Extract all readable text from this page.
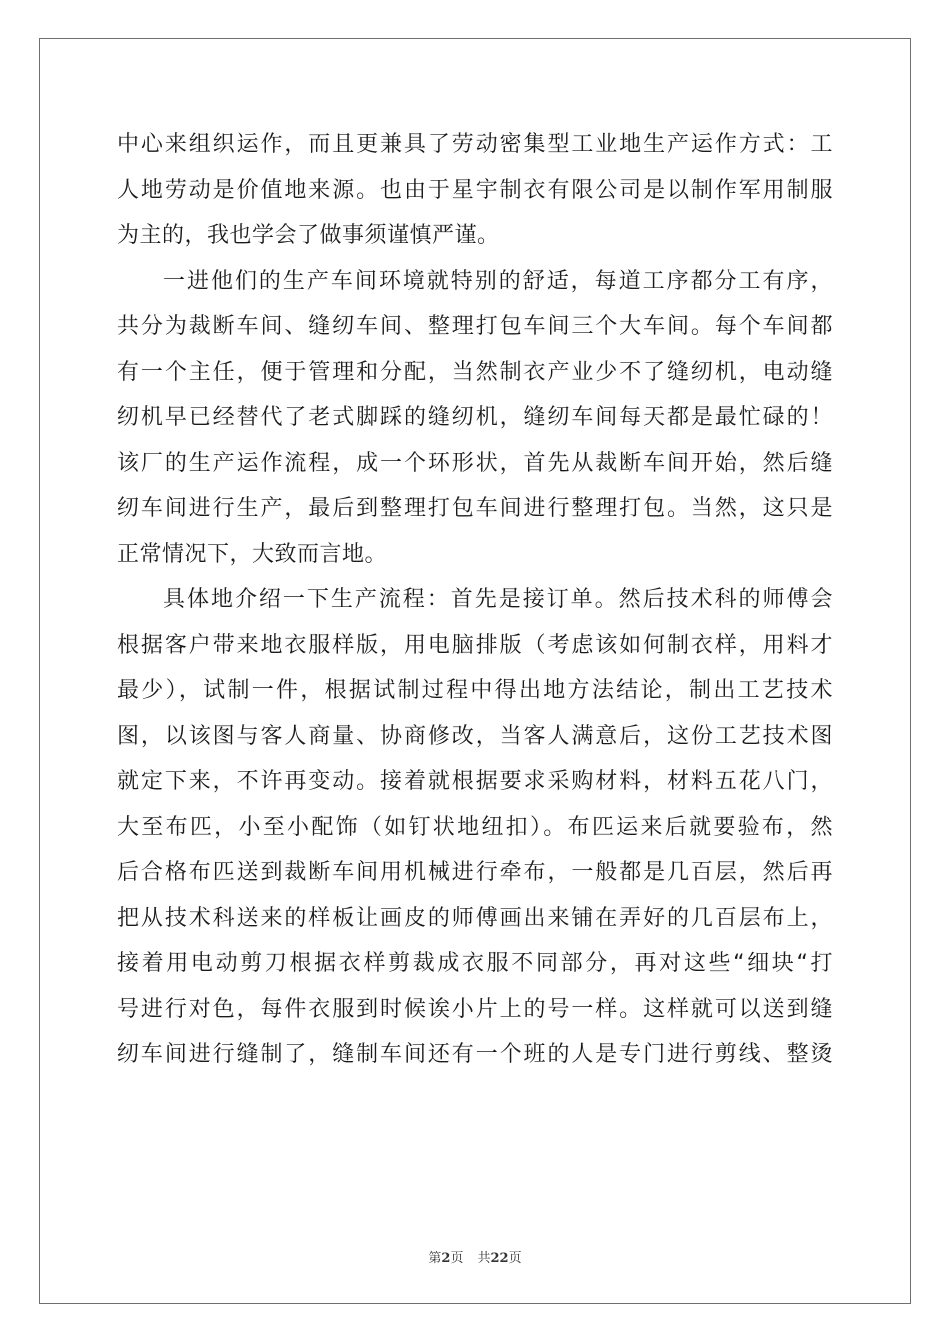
中心来组织运作，而且更兼具了劳动密集型工业地生产运作方式：工
人地劳动是价值地来源。也由于星宇制衣有限公司是以制作军用制服
为主的，我也学会了做事须谨慎严谨。
一进他们的生产车间环境就特别的舒适，每道工序都分工有序，
共分为裁断车间、缝纫车间、整理打包车间三个大车间。每个车间都
有一个主任，便于管理和分配，当然制衣产业少不了缝纫机，电动缝
纫机早已经替代了老式脚踩的缝纫机，缝纫车间每天都是最忙碌的！
该厂的生产运作流程，成一个环形状，首先从裁断车间开始，然后缝
纫车间进行生产，最后到整理打包车间进行整理打包。当然，这只是
正常情况下，大致而言地。
具体地介绍一下生产流程：首先是接订单。然后技术科的师傅会
根据客户带来地衣服样版，用电脑排版（考虑该如何制衣样，用料才
最少），试制一件，根据试制过程中得出地方法结论，制出工艺技术
图，以该图与客人商量、协商修改，当客人满意后，这份工艺技术图
就定下来，不许再变动。接着就根据要求采购材料，材料五花八门，
大至布匹，小至小配饰（如钉状地纽扣）。布匹运来后就要验布，然
后合格布匹送到裁断车间用机械进行牵布，一般都是几百层，然后再
把从技术科送来的样板让画皮的师傅画出来铺在弄好的几百层布上，
接着用电动剪刀根据衣样剪裁成衣服不同部分，再对这些“细块“打
号进行对色，每件衣服到时候诶小片上的号一样。这样就可以送到缝
纫车间进行缝制了，缝制车间还有一个班的人是专门进行剪线、整烫
第2页 共22页
